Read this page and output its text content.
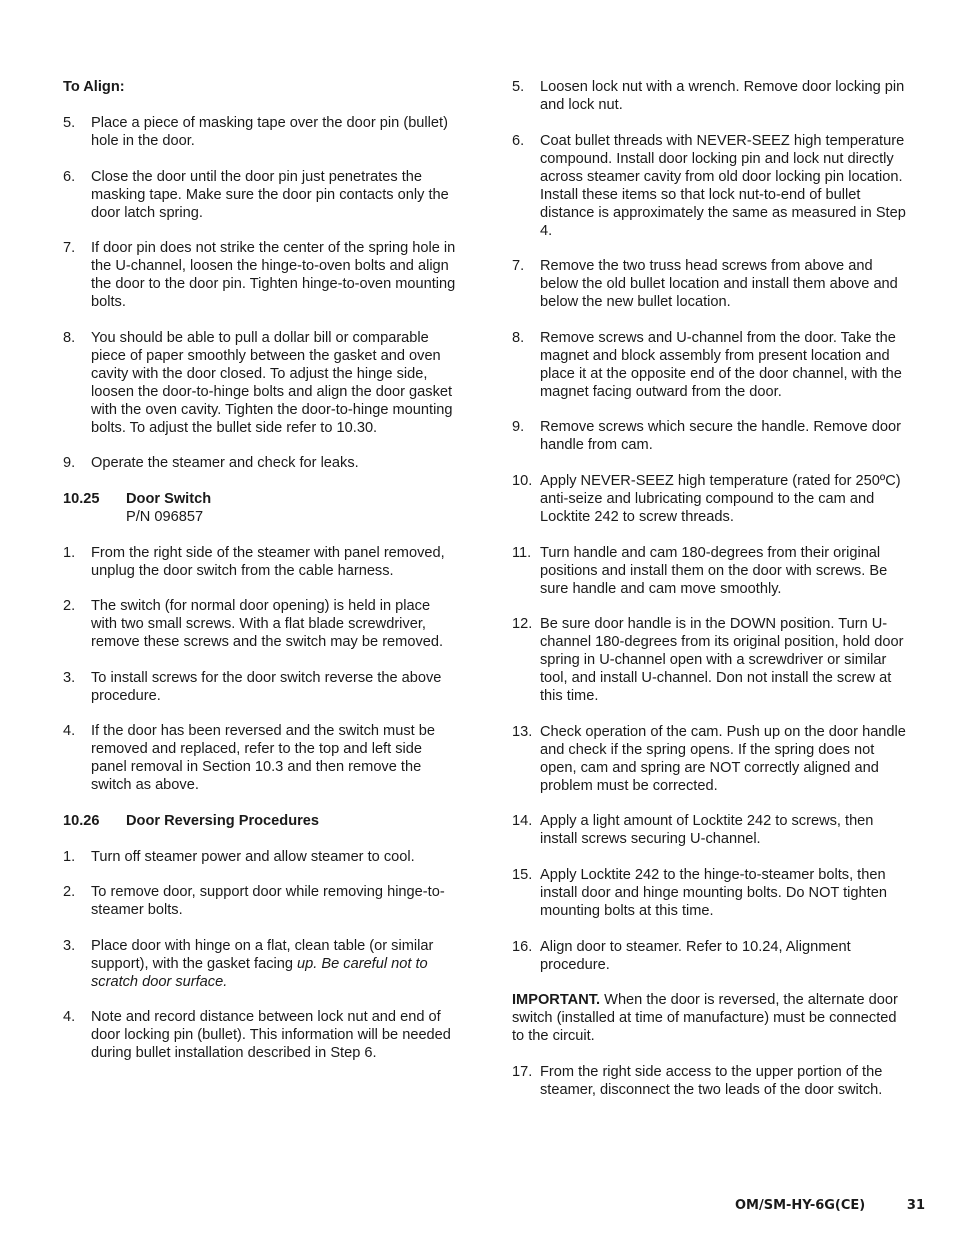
To Align:
5.	Place a piece of masking tape over the door pin (bullet) hole in the door.
6.	Close the door until the door pin just penetrates the masking tape. Make sure the door pin contacts only the door latch spring.
7.	If door pin does not strike the center of the spring hole in the U-channel, loosen the hinge-to-oven bolts and align the door to the door pin. Tighten hinge-to-oven mounting bolts.
8.	You should be able to pull a dollar bill or comparable piece of paper smoothly between the gasket and oven cavity with the door closed. To adjust the hinge side, loosen the door-to-hinge bolts and align the door gasket with the oven cavity. Tighten the door-to-hinge mounting bolts. To adjust the bullet side refer to 10.30.
9.	Operate the steamer and check for leaks.
10.25	Door Switch
P/N 096857
1.	From the right side of the steamer with panel removed, unplug the door switch from the cable harness.
2.	The switch (for normal door opening) is held in place with two small screws. With a flat blade screwdriver, remove these screws and the switch may be removed.
3.	To install screws for the door switch reverse the above procedure.
4.	If the door has been reversed and the switch must be removed and replaced, refer to the top and left side panel removal in Section 10.3 and then remove the switch as above.
10.26	Door Reversing Procedures
1.	Turn off steamer power and allow steamer to cool.
2.	To remove door, support door while removing hinge-to-steamer bolts.
3.	Place door with hinge on a flat, clean table (or similar support), with the gasket facing up. Be careful not to scratch door surface.
4.	Note and record distance between lock nut and end of door locking pin (bullet). This information will be needed during bullet installation described in Step 6.
5.	Loosen lock nut with a wrench. Remove door locking pin and lock nut.
6.	Coat bullet threads with NEVER-SEEZ high temperature compound. Install door locking pin and lock nut directly across steamer cavity from old door locking pin location. Install these items so that lock nut-to-end of bullet distance is approximately the same as measured in Step 4.
7.	Remove the two truss head screws from above and below the old bullet location and install them above and below the new bullet location.
8.	Remove screws and U-channel from the door. Take the magnet and block assembly from present location and place it at the opposite end of the door channel, with the magnet facing outward from the door.
9.	Remove screws which secure the handle. Remove door handle from cam.
10. Apply NEVER-SEEZ high temperature (rated for 250ºC) anti-seize and lubricating compound to the cam and Locktite 242 to screw threads.
11. Turn handle and cam 180-degrees from their original positions and install them on the door with screws. Be sure handle and cam move smoothly.
12. Be sure door handle is in the DOWN position. Turn U-channel 180-degrees from its original position, hold door spring in U-channel open with a screwdriver or similar tool, and install U-channel. Don not install the screw at this time.
13. Check operation of the cam. Push up on the door handle and check if the spring opens. If the spring does not open, cam and spring are NOT correctly aligned and problem must be corrected.
14. Apply a light amount of Locktite 242 to screws, then install screws securing U-channel.
15. Apply Locktite 242 to the hinge-to-steamer bolts, then install door and hinge mounting bolts. Do NOT tighten mounting bolts at this time.
16. Align door to steamer. Refer to 10.24, Alignment procedure.
IMPORTANT. When the door is reversed, the alternate door switch (installed at time of manufacture) must be connected to the circuit.
17. From the right side access to the upper portion of the steamer, disconnect the two leads of the door switch.
OM/SM-HY-6G(CE)	31
